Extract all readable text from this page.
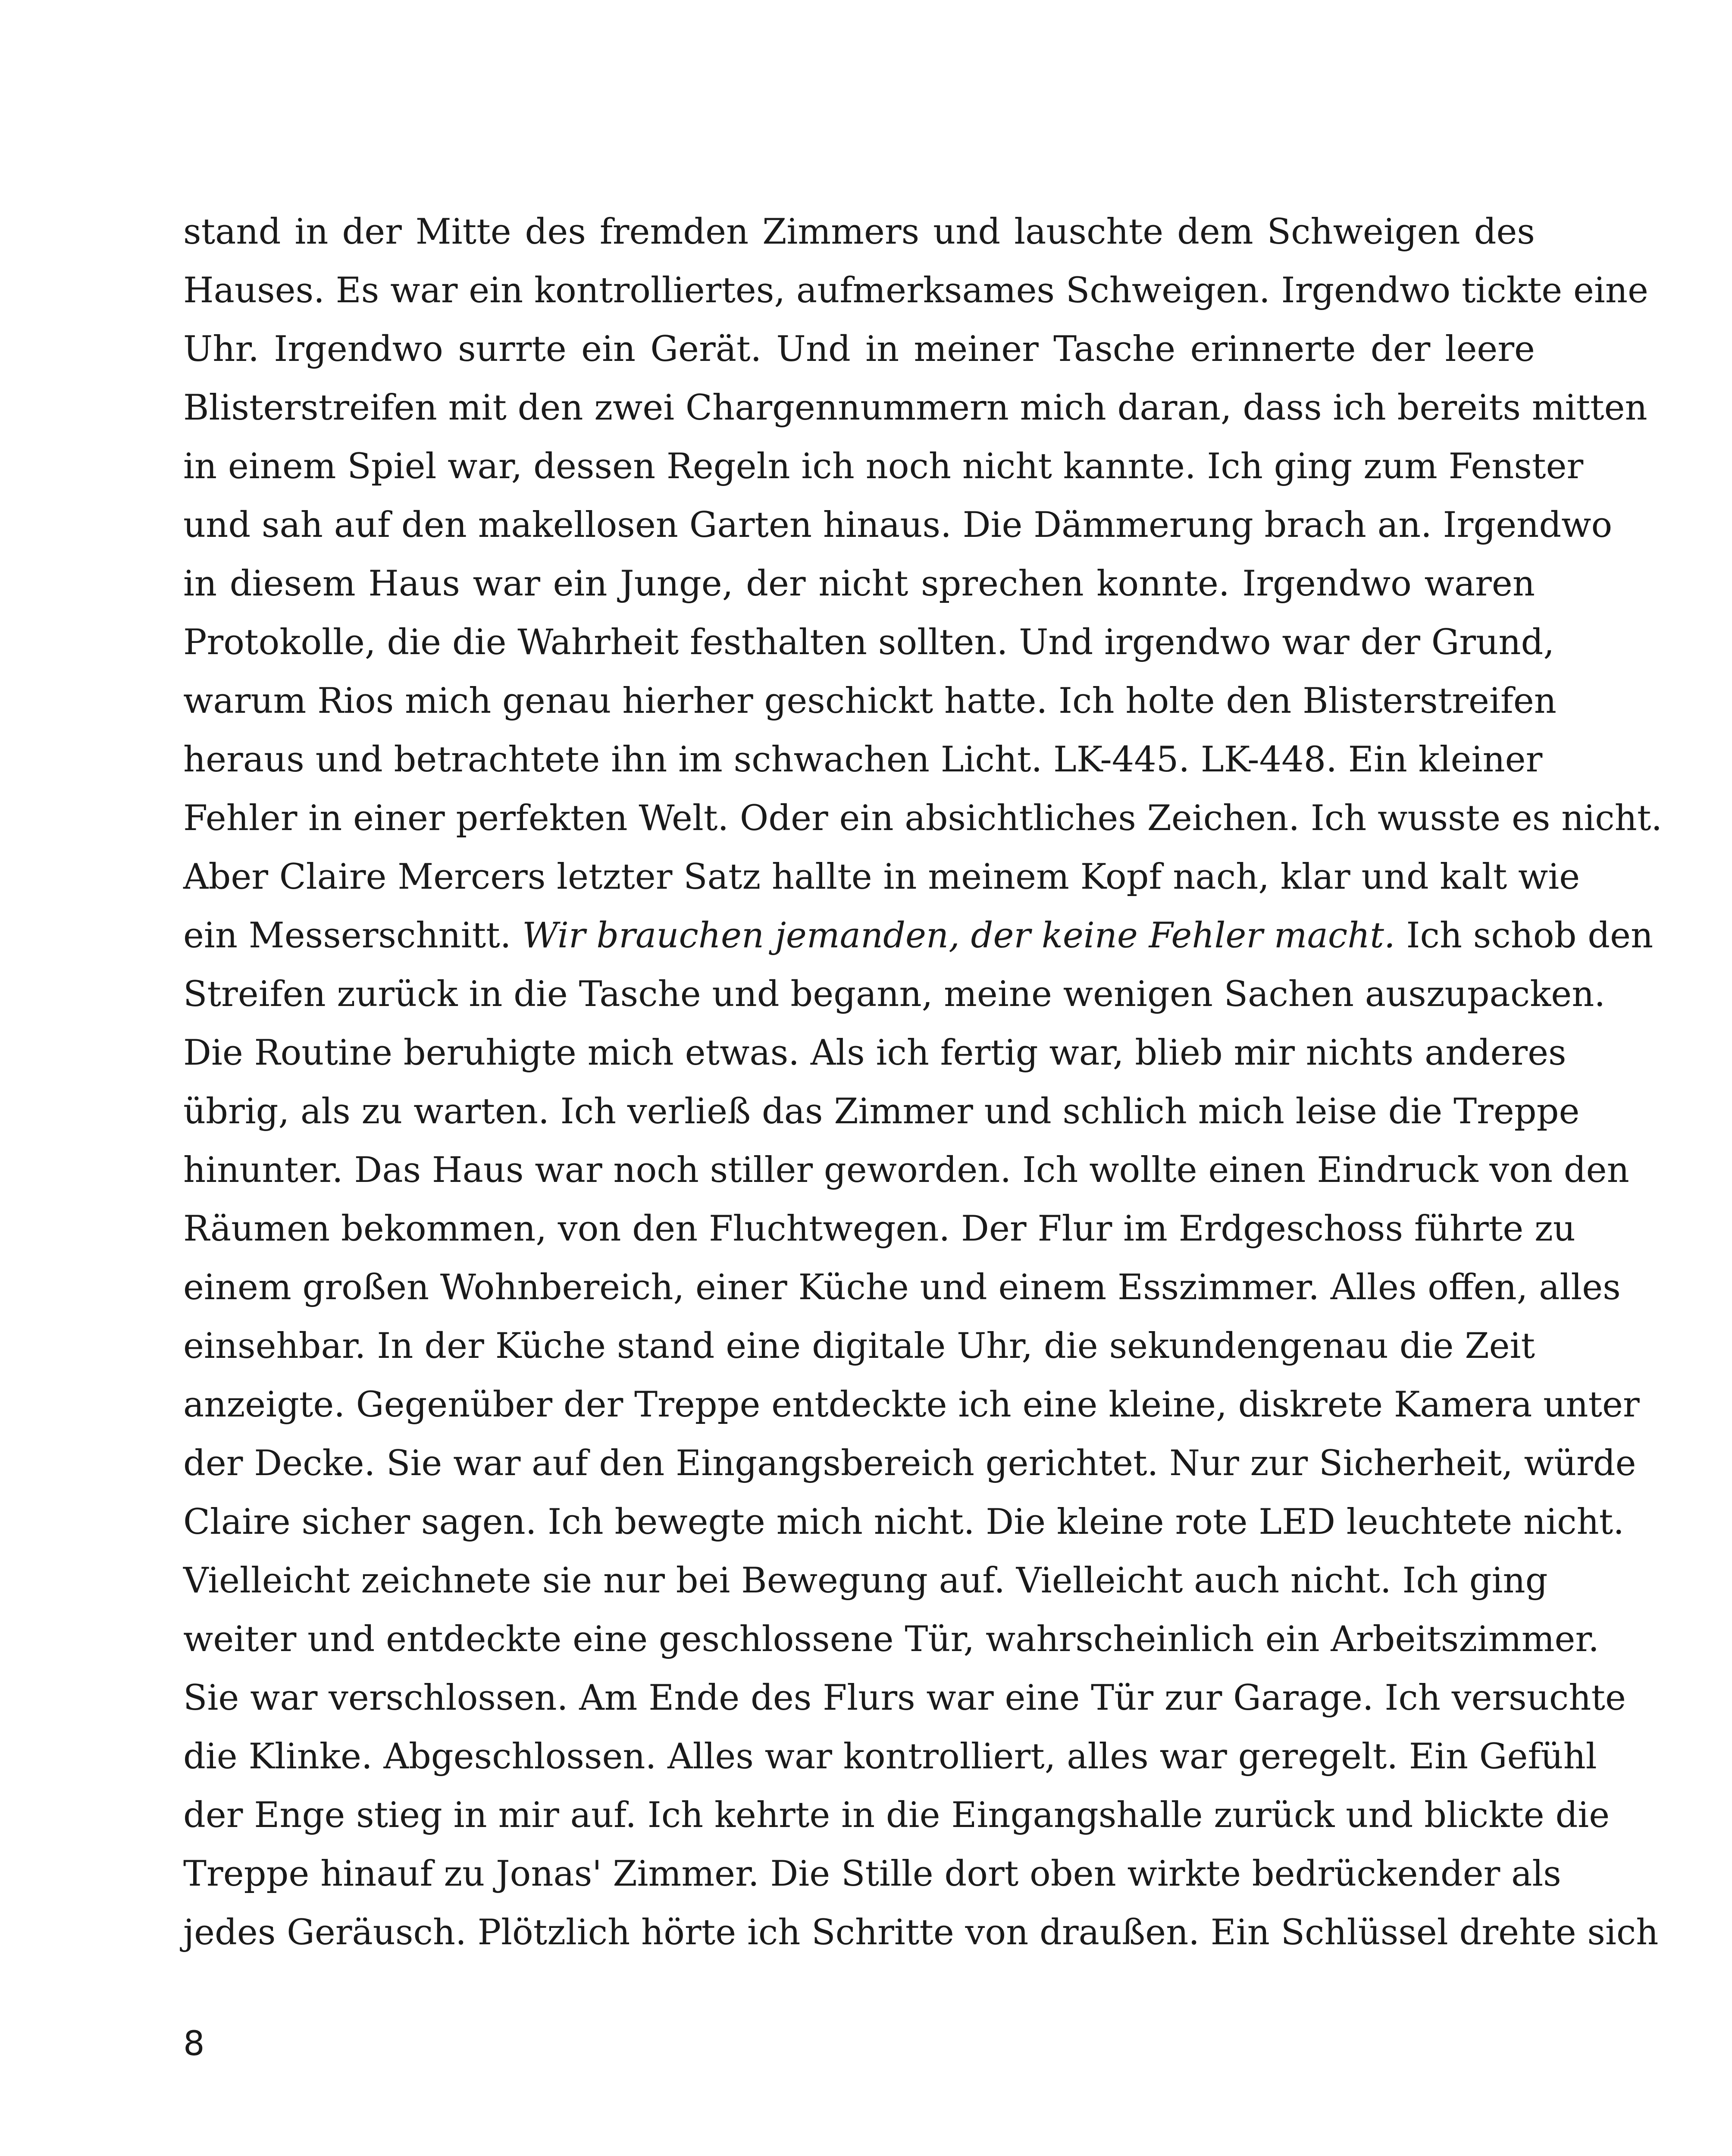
stand in der Mitte des fremden Zimmers und lauschte dem Schweigen des
Hauses. Es war ein kontrolliertes, aufmerksames Schweigen. Irgendwo tickte eine
Uhr. Irgendwo surrte ein Gerät. Und in meiner Tasche erinnerte der leere
Blisterstreifen mit den zwei Chargennummern mich daran, dass ich bereits mitten
in einem Spiel war, dessen Regeln ich noch nicht kannte. Ich ging zum Fenster
und sah auf den makellosen Garten hinaus. Die Dämmerung brach an. Irgendwo
in diesem Haus war ein Junge, der nicht sprechen konnte. Irgendwo waren
Protokolle, die die Wahrheit festhalten sollten. Und irgendwo war der Grund,
warum Rios mich genau hierher geschickt hatte. Ich holte den Blisterstreifen
heraus und betrachtete ihn im schwachen Licht. LK-445. LK-448. Ein kleiner
Fehler in einer perfekten Welt. Oder ein absichtliches Zeichen. Ich wusste es nicht.
Aber Claire Mercers letzter Satz hallte in meinem Kopf nach, klar und kalt wie
ein Messerschnitt. Wir brauchen jemanden, der keine Fehler macht. Ich schob den
Streifen zurück in die Tasche und begann, meine wenigen Sachen auszupacken.
Die Routine beruhigte mich etwas. Als ich fertig war, blieb mir nichts anderes
übrig, als zu warten. Ich verließ das Zimmer und schlich mich leise die Treppe
hinunter. Das Haus war noch stiller geworden. Ich wollte einen Eindruck von den
Räumen bekommen, von den Fluchtwegen. Der Flur im Erdgeschoss führte zu
einem großen Wohnbereich, einer Küche und einem Esszimmer. Alles offen, alles
einsehbar. In der Küche stand eine digitale Uhr, die sekundengenau die Zeit
anzeigte. Gegenüber der Treppe entdeckte ich eine kleine, diskrete Kamera unter
der Decke. Sie war auf den Eingangsbereich gerichtet. Nur zur Sicherheit, würde
Claire sicher sagen. Ich bewegte mich nicht. Die kleine rote LED leuchtete nicht.
Vielleicht zeichnete sie nur bei Bewegung auf. Vielleicht auch nicht. Ich ging
weiter und entdeckte eine geschlossene Tür, wahrscheinlich ein Arbeitszimmer.
Sie war verschlossen. Am Ende des Flurs war eine Tür zur Garage. Ich versuchte
die Klinke. Abgeschlossen. Alles war kontrolliert, alles war geregelt. Ein Gefühl
der Enge stieg in mir auf. Ich kehrte in die Eingangshalle zurück und blickte die
Treppe hinauf zu Jonas' Zimmer. Die Stille dort oben wirkte bedrückender als
jedes Geräusch. Plötzlich hörte ich Schritte von draußen. Ein Schlüssel drehte sich
8
